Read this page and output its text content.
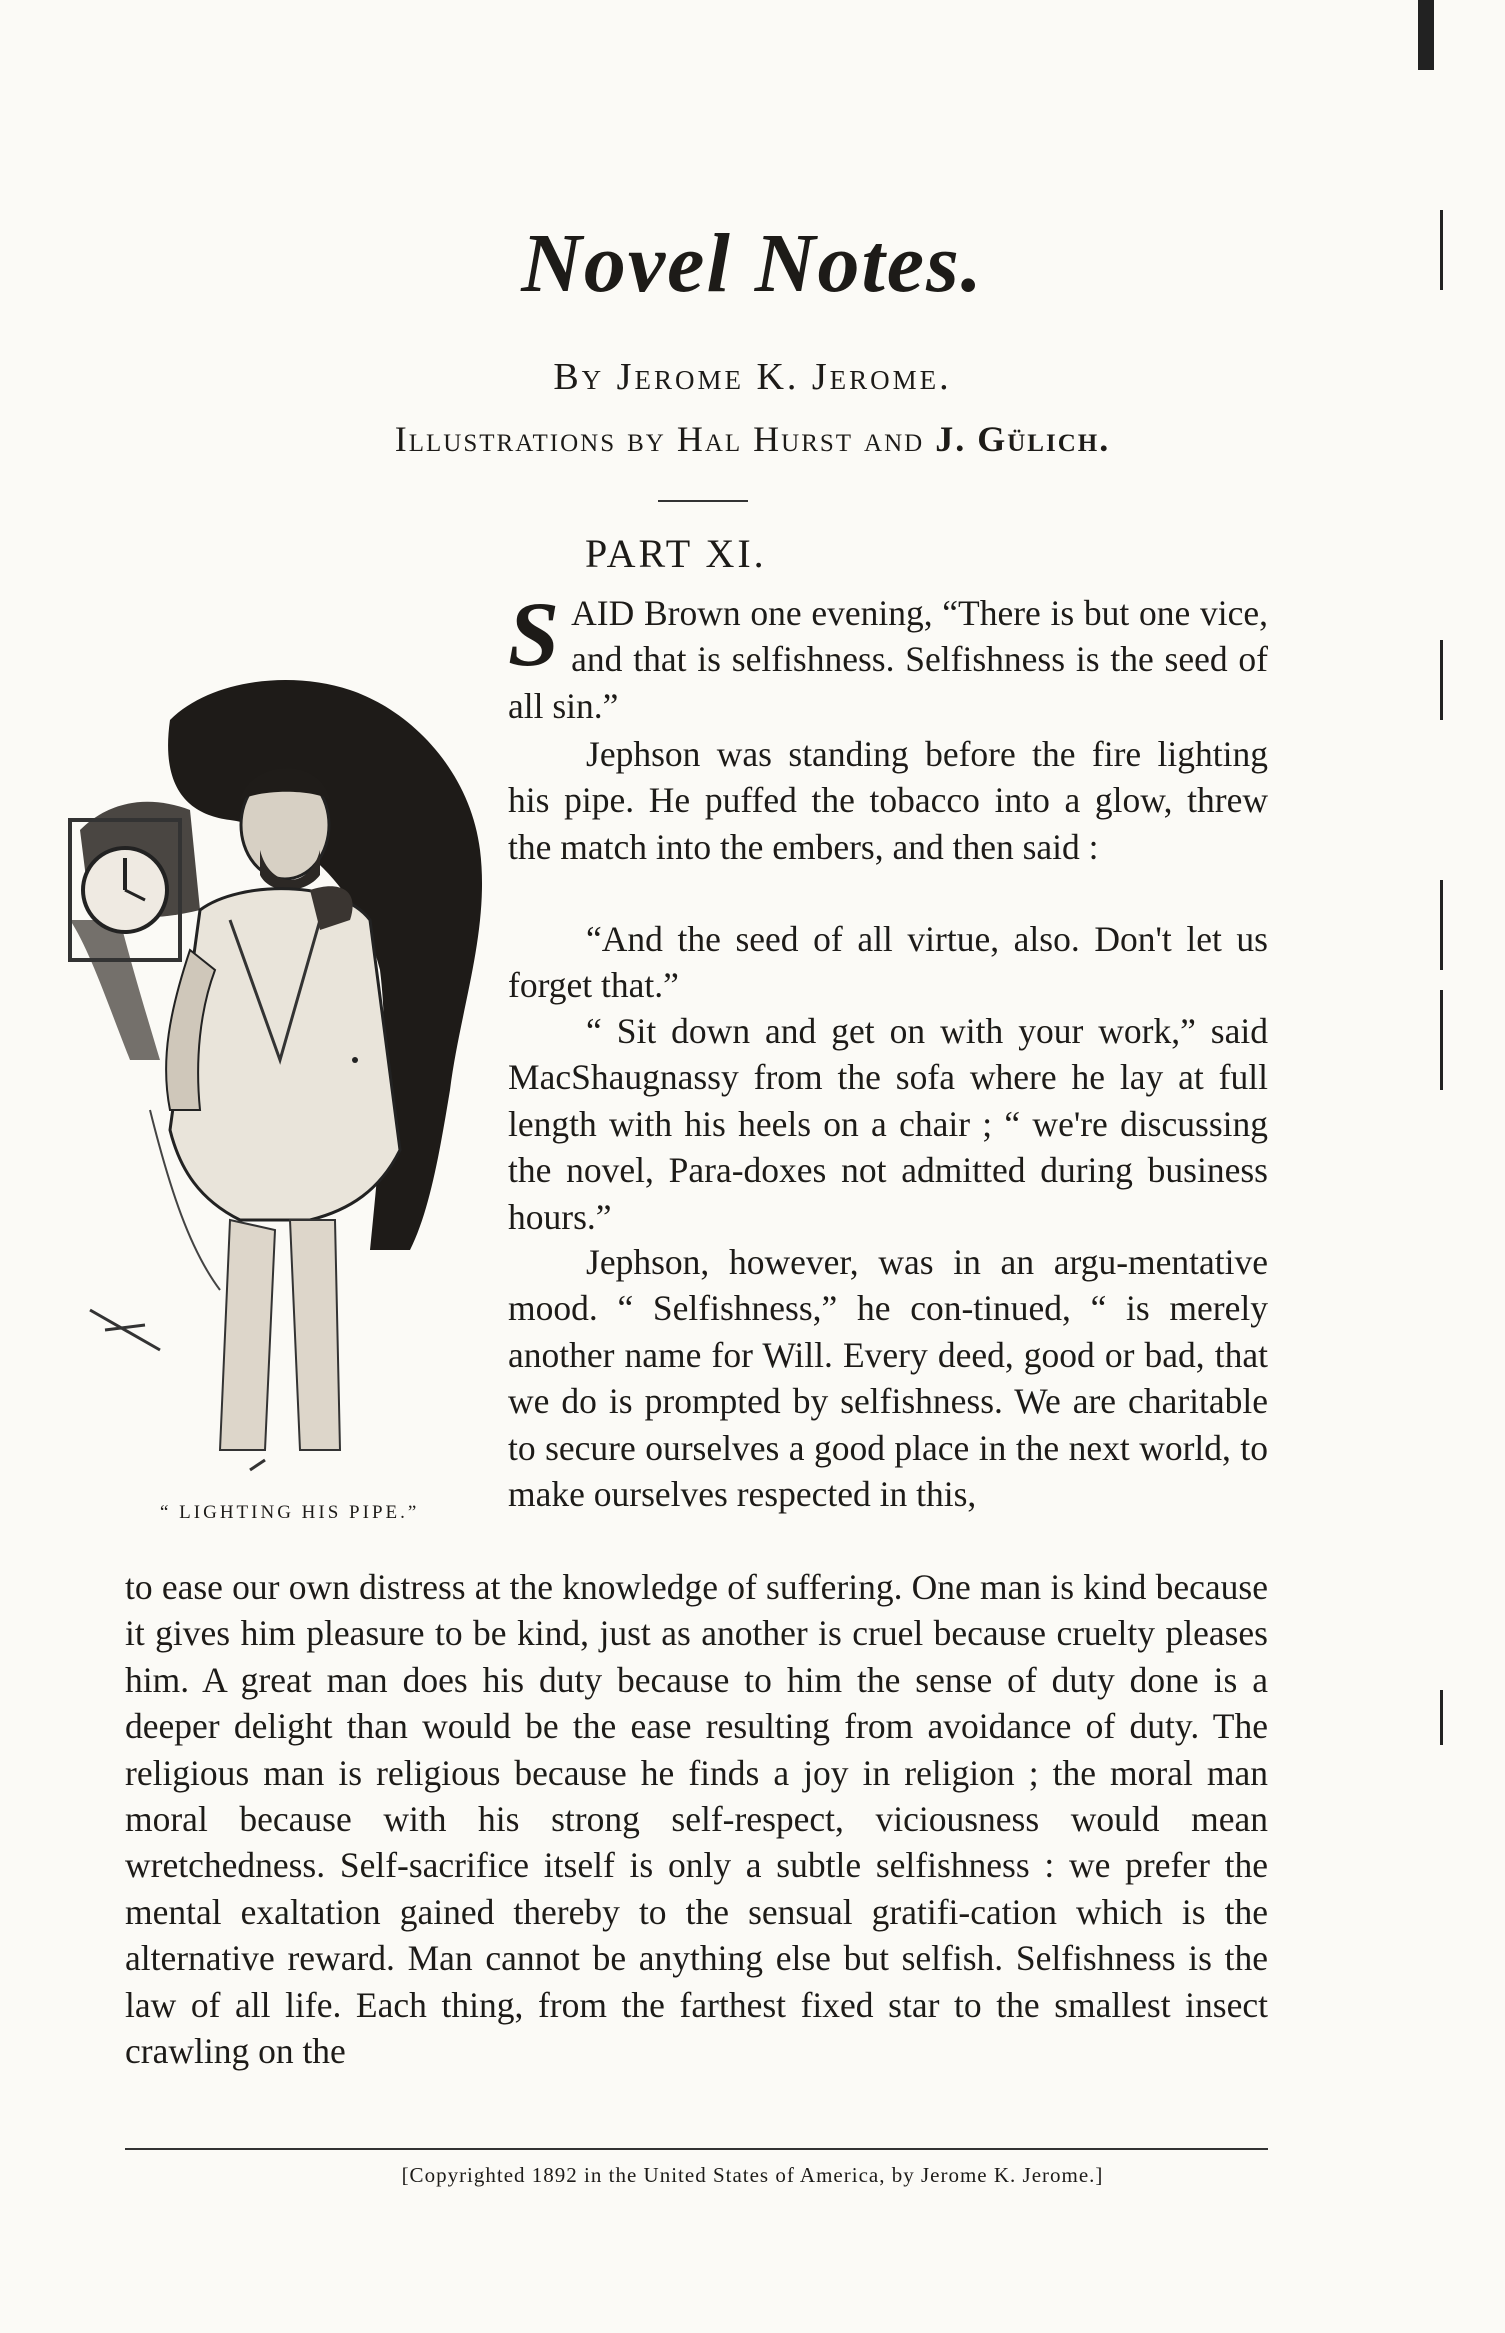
Novel Notes.
By Jerome K. Jerome.
Illustrations by Hal Hurst and J. Gülich.
PART XI.
“ LIGHTING HIS PIPE.”

SAID Brown one evening, “There is but one vice, and that is selfishness. Selfishness is the seed of all sin.”

Jephson was standing before the fire lighting his pipe. He puffed the tobacco into a glow, threw the match into the embers, and then said :

“And the seed of all virtue, also. Don't let us forget that.”

“ Sit down and get on with your work,” said MacShaugnassy from the sofa where he lay at full length with his heels on a chair ; “ we're discussing the novel, Para-doxes not admitted during business hours.”

Jephson, however, was in an argu-mentative mood. “ Selfishness,” he con-tinued, “ is merely another name for Will. Every deed, good or bad, that we do is prompted by selfishness. We are charitable to secure ourselves a good place in the next world, to make ourselves respected in this,

to ease our own distress at the knowledge of suffering. One man is kind because it gives him pleasure to be kind, just as another is cruel because cruelty pleases him. A great man does his duty because to him the sense of duty done is a deeper delight than would be the ease resulting from avoidance of duty. The religious man is religious because he finds a joy in religion ; the moral man moral because with his strong self-respect, viciousness would mean wretchedness. Self-sacrifice itself is only a subtle selfishness : we prefer the mental exaltation gained thereby to the sensual gratifi-cation which is the alternative reward. Man cannot be anything else but selfish. Selfishness is the law of all life. Each thing, from the farthest fixed star to the smallest insect crawling on the

[Copyrighted 1892 in the United States of America, by Jerome K. Jerome.]
